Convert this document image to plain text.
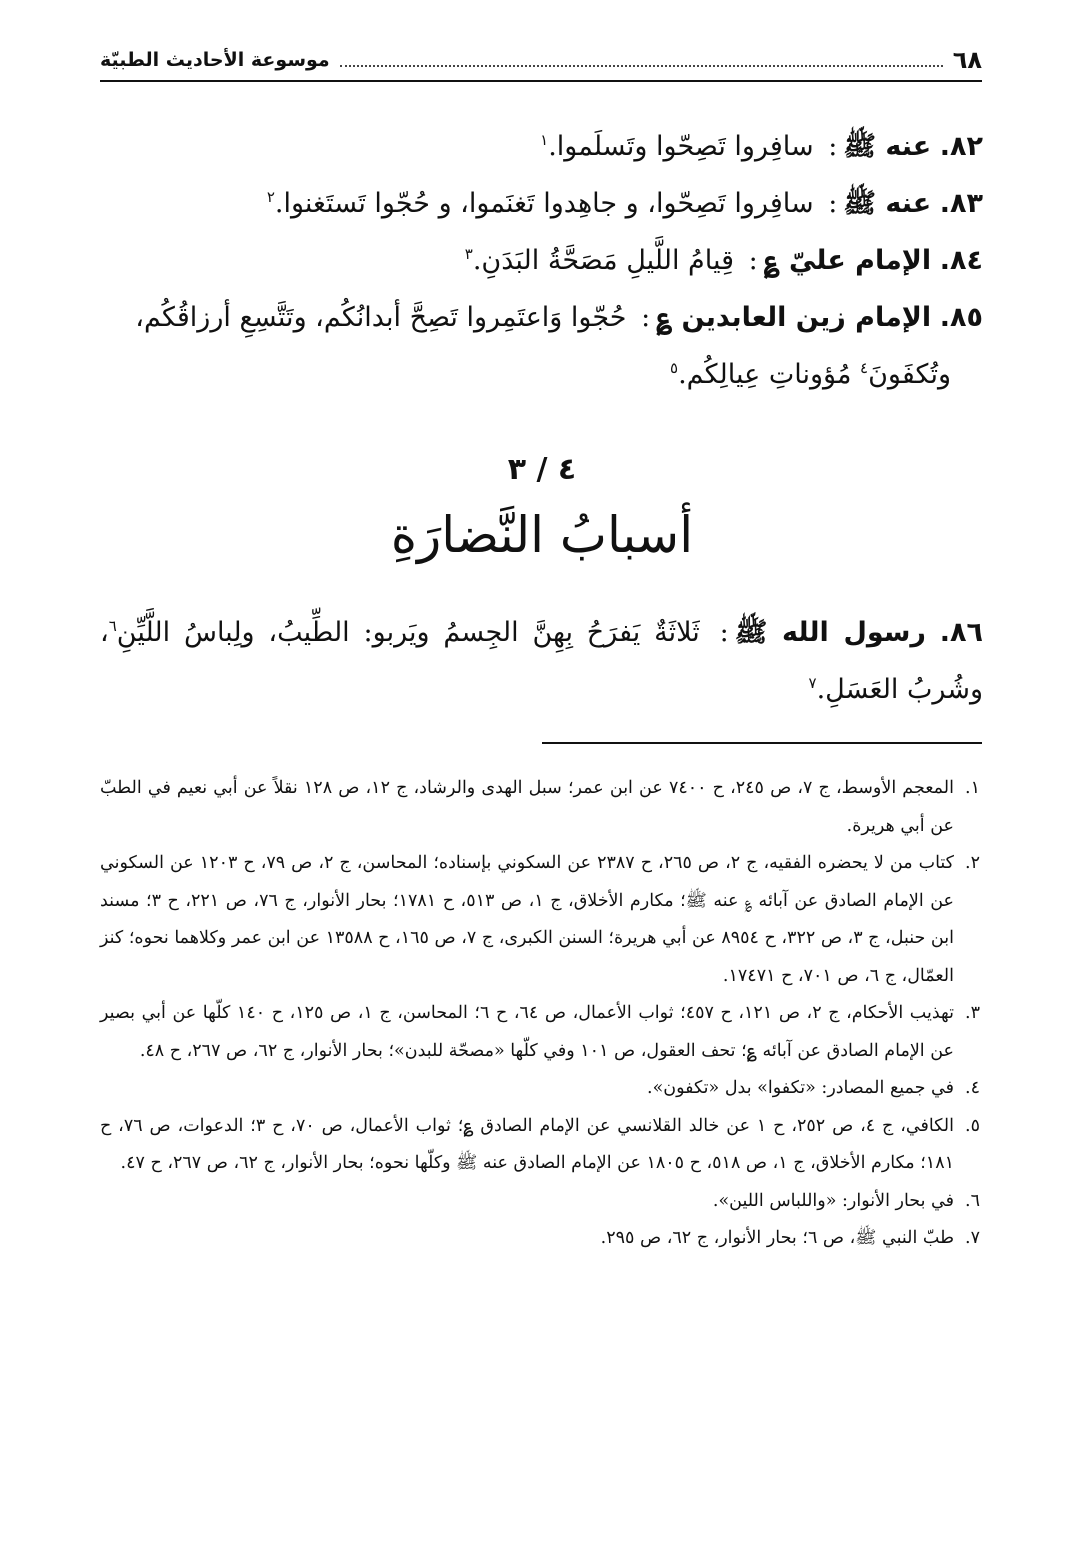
٦٨
موسوعة الأحاديث الطبيّة
٨٢. عنه ﷺ: سافِروا تَصِحّوا وتَسلَموا.$^١$
٨٣. عنه ﷺ: سافِروا تَصِحّوا، و جاهِدوا تَغنَموا، و حُجّوا تَستَغنوا.$^٢$
٨٤. الإمام عليّ ؏: قِيامُ اللَّيلِ مَصَحَّةُ البَدَنِ.$^٣$
٨٥. الإمام زين العابدين ؏: حُجّوا وَاعتَمِروا تَصِحَّ أبدانُكُم، وتَتَّسِعِ أرزاقُكُم،
وتُكفَونَ$^٤$ مُؤوناتِ عِيالِكُم.$^٥$
٤ / ٣
أسبابُ النَّضارَةِ
٨٦. رسول الله ﷺ: ثَلاثَةٌ يَفرَحُ بِهِنَّ الجِسمُ ويَربو: الطِّيبُ، ولِباسُ اللَّيِّنِ$^٦$، وشُربُ العَسَلِ.$^٧$
١.
المعجم الأوسط، ج ٧، ص ٢٤٥، ح ٧٤٠٠ عن ابن عمر؛ سبل الهدى والرشاد، ج ١٢، ص ١٢٨ نقلاً عن أبي نعيم في الطبّ عن أبي هريرة.
٢.
كتاب من لا يحضره الفقيه، ج ٢، ص ٢٦٥، ح ٢٣٨٧ عن السكوني بإسناده؛ المحاسن، ج ٢، ص ٧٩، ح ١٢٠٣ عن السكوني عن الإمام الصادق عن آبائه ؏ عنه ﷺ؛ مكارم الأخلاق، ج ١، ص ٥١٣، ح ١٧٨١؛ بحار الأنوار، ج ٧٦، ص ٢٢١، ح ٣؛ مسند ابن حنبل، ج ٣، ص ٣٢٢، ح ٨٩٥٤ عن أبي هريرة؛ السنن الكبرى، ج ٧، ص ١٦٥، ح ١٣٥٨٨ عن ابن عمر وكلاهما نحوه؛ كنز العمّال، ج ٦، ص ٧٠١، ح ١٧٤٧١.
٣.
تهذيب الأحكام، ج ٢، ص ١٢١، ح ٤٥٧؛ ثواب الأعمال، ص ٦٤، ح ٦؛ المحاسن، ج ١، ص ١٢٥، ح ١٤٠ كلّها عن أبي بصير عن الإمام الصادق عن آبائه ؏؛ تحف العقول، ص ١٠١ وفي كلّها «مصحّة للبدن»؛ بحار الأنوار، ج ٦٢، ص ٢٦٧، ح ٤٨.
٤.
في جميع المصادر: «تكفوا» بدل «تكفون».
٥.
الكافي، ج ٤، ص ٢٥٢، ح ١ عن خالد القلانسي عن الإمام الصادق ؏؛ ثواب الأعمال، ص ٧٠، ح ٣؛ الدعوات، ص ٧٦، ح ١٨١؛ مكارم الأخلاق، ج ١، ص ٥١٨، ح ١٨٠٥ عن الإمام الصادق عنه ﷺ وكلّها نحوه؛ بحار الأنوار، ج ٦٢، ص ٢٦٧، ح ٤٧.
٦.
في بحار الأنوار: «واللباس اللين».
٧.
طبّ النبي ﷺ، ص ٦؛ بحار الأنوار، ج ٦٢، ص ٢٩٥.
